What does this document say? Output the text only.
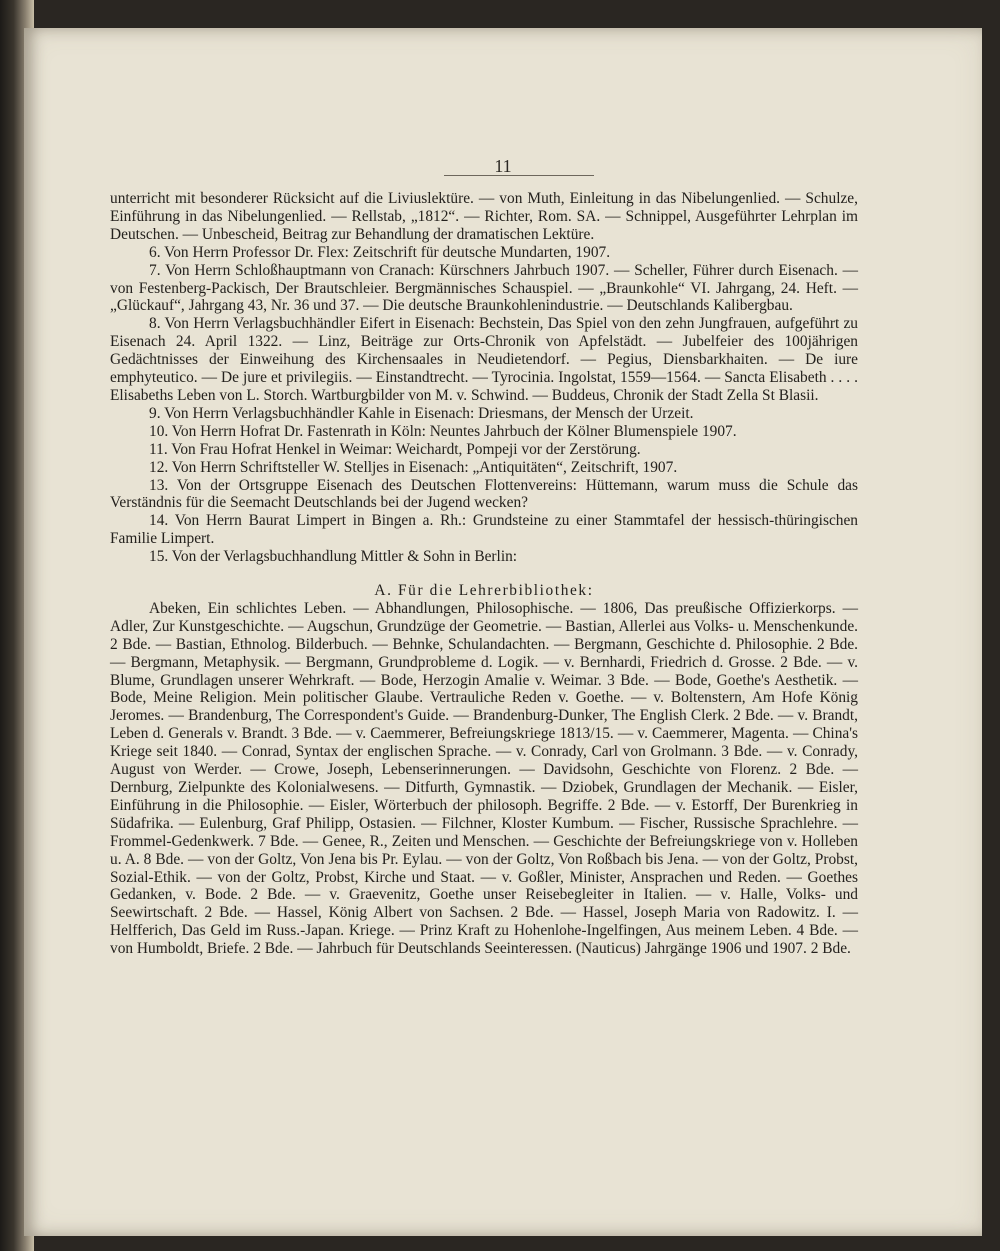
11

unterricht mit besonderer Rücksicht auf die Liviuslektüre. — von Muth, Einleitung in das Nibelungenlied. — Schulze, Einführung in das Nibelungenlied. — Rellstab, „1812“. — Richter, Rom. SA. — Schnippel, Ausgeführter Lehrplan im Deutschen. — Unbescheid, Beitrag zur Behandlung der dramatischen Lektüre.

6. Von Herrn Professor Dr. Flex: Zeitschrift für deutsche Mundarten, 1907.

7. Von Herrn Schloßhauptmann von Cranach: Kürschners Jahrbuch 1907. — Scheller, Führer durch Eisenach. — von Festenberg-Packisch, Der Brautschleier. Bergmännisches Schauspiel. — „Braunkohle“ VI. Jahrgang, 24. Heft. — „Glückauf“, Jahrgang 43, Nr. 36 und 37. — Die deutsche Braunkohlenindustrie. — Deutschlands Kalibergbau.

8. Von Herrn Verlagsbuchhändler Eifert in Eisenach: Bechstein, Das Spiel von den zehn Jungfrauen, aufgeführt zu Eisenach 24. April 1322. — Linz, Beiträge zur Orts-Chronik von Apfelstädt. — Jubelfeier des 100jährigen Gedächtnisses der Einweihung des Kirchensaales in Neudietendorf. — Pegius, Diensbarkhaiten. — De iure emphyteutico. — De jure et privilegiis. — Einstandtrecht. — Tyrocinia. Ingolstat, 1559—1564. — Sancta Elisabeth . . . . Elisabeths Leben von L. Storch. Wartburgbilder von M. v. Schwind. — Buddeus, Chronik der Stadt Zella St Blasii.

9. Von Herrn Verlagsbuchhändler Kahle in Eisenach: Driesmans, der Mensch der Urzeit.

10. Von Herrn Hofrat Dr. Fastenrath in Köln: Neuntes Jahrbuch der Kölner Blumenspiele 1907.

11. Von Frau Hofrat Henkel in Weimar: Weichardt, Pompeji vor der Zerstörung.

12. Von Herrn Schriftsteller W. Stelljes in Eisenach: „Antiquitäten“, Zeitschrift, 1907.

13. Von der Ortsgruppe Eisenach des Deutschen Flottenvereins: Hüttemann, warum muss die Schule das Verständnis für die Seemacht Deutschlands bei der Jugend wecken?

14. Von Herrn Baurat Limpert in Bingen a. Rh.: Grundsteine zu einer Stammtafel der hessisch-thüringischen Familie Limpert.

15. Von der Verlagsbuchhandlung Mittler & Sohn in Berlin:

A. Für die Lehrerbibliothek:

Abeken, Ein schlichtes Leben. — Abhandlungen, Philosophische. — 1806, Das preußische Offizierkorps. — Adler, Zur Kunstgeschichte. — Augschun, Grundzüge der Geometrie. — Bastian, Allerlei aus Volks- u. Menschenkunde. 2 Bde. — Bastian, Ethnolog. Bilderbuch. — Behnke, Schulandachten. — Bergmann, Geschichte d. Philosophie. 2 Bde. — Bergmann, Metaphysik. — Bergmann, Grundprobleme d. Logik. — v. Bernhardi, Friedrich d. Grosse. 2 Bde. — v. Blume, Grundlagen unserer Wehrkraft. — Bode, Herzogin Amalie v. Weimar. 3 Bde. — Bode, Goethe's Aesthetik. — Bode, Meine Religion. Mein politischer Glaube. Vertrauliche Reden v. Goethe. — v. Boltenstern, Am Hofe König Jeromes. — Brandenburg, The Correspondent's Guide. — Brandenburg-Dunker, The English Clerk. 2 Bde. — v. Brandt, Leben d. Generals v. Brandt. 3 Bde. — v. Caemmerer, Befreiungskriege 1813/15. — v. Caemmerer, Magenta. — China's Kriege seit 1840. — Conrad, Syntax der englischen Sprache. — v. Conrady, Carl von Grolmann. 3 Bde. — v. Conrady, August von Werder. — Crowe, Joseph, Lebenserinnerungen. — Davidsohn, Geschichte von Florenz. 2 Bde. — Dernburg, Zielpunkte des Kolonialwesens. — Ditfurth, Gymnastik. — Dziobek, Grundlagen der Mechanik. — Eisler, Einführung in die Philosophie. — Eisler, Wörterbuch der philosoph. Begriffe. 2 Bde. — v. Estorff, Der Burenkrieg in Südafrika. — Eulenburg, Graf Philipp, Ostasien. — Filchner, Kloster Kumbum. — Fischer, Russische Sprachlehre. — Frommel-Gedenkwerk. 7 Bde. — Genee, R., Zeiten und Menschen. — Geschichte der Befreiungskriege von v. Holleben u. A. 8 Bde. — von der Goltz, Von Jena bis Pr. Eylau. — von der Goltz, Von Roßbach bis Jena. — von der Goltz, Probst, Sozial-Ethik. — von der Goltz, Probst, Kirche und Staat. — v. Goßler, Minister, Ansprachen und Reden. — Goethes Gedanken, v. Bode. 2 Bde. — v. Graevenitz, Goethe unser Reisebegleiter in Italien. — v. Halle, Volks- und Seewirtschaft. 2 Bde. — Hassel, König Albert von Sachsen. 2 Bde. — Hassel, Joseph Maria von Radowitz. I. — Helfferich, Das Geld im Russ.-Japan. Kriege. — Prinz Kraft zu Hohenlohe-Ingelfingen, Aus meinem Leben. 4 Bde. — von Humboldt, Briefe. 2 Bde. — Jahrbuch für Deutschlands Seeinteressen. (Nauticus) Jahrgänge 1906 und 1907. 2 Bde.
